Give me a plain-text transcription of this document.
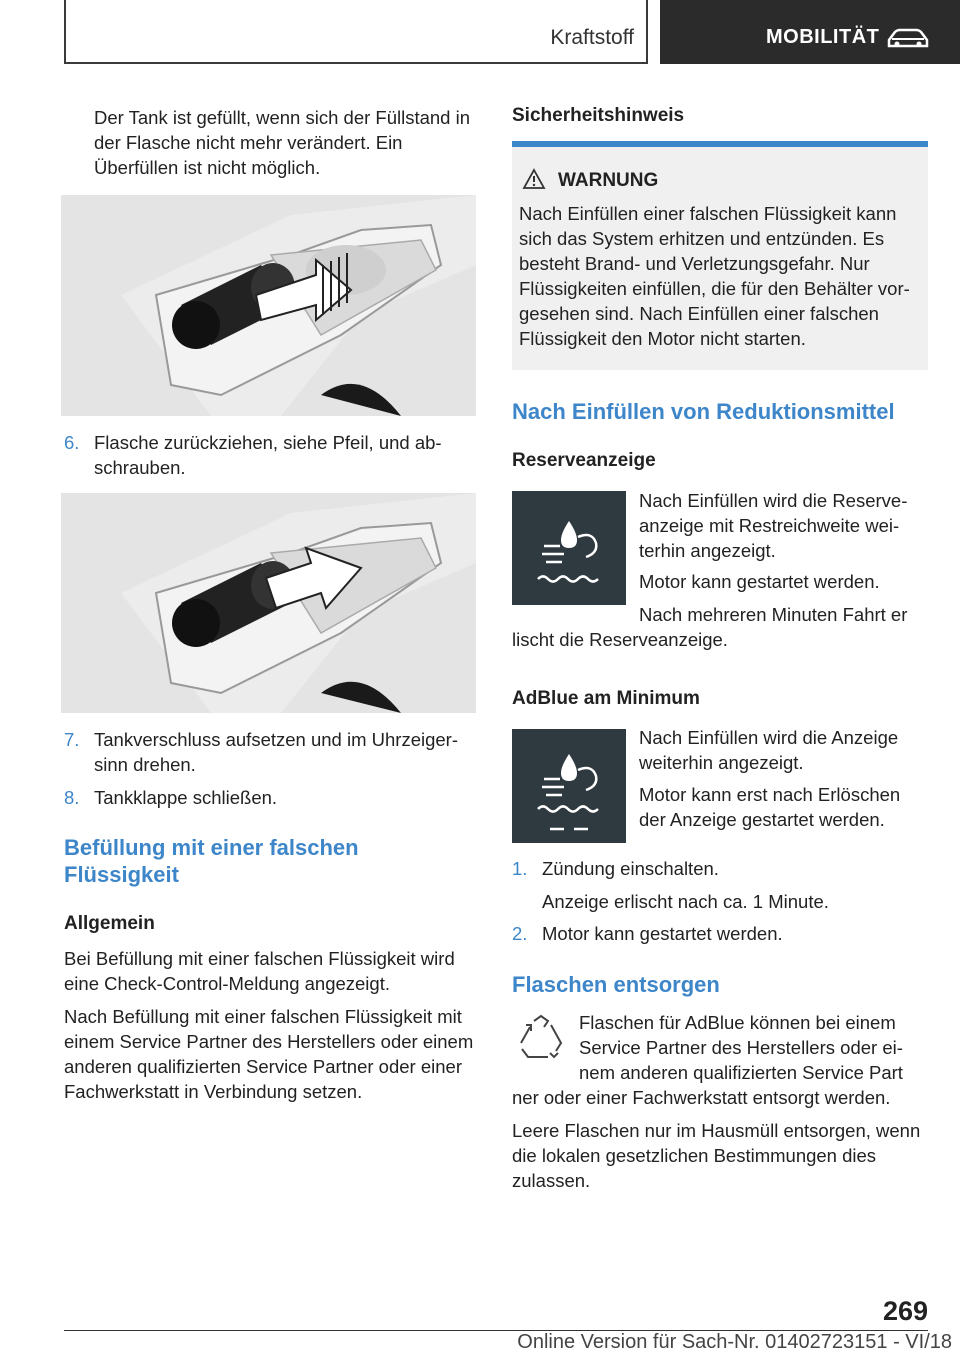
Kraftstoff	MOBILITÄT

Der Tank ist gefüllt, wenn sich der Füllstand in der Flasche nicht mehr verändert. Ein Überfüllen ist nicht möglich.

6. Flasche zurückziehen, siehe Pfeil, und abschrauben.
7. Tankverschluss aufsetzen und im Uhrzeigersinn drehen.
8. Tankklappe schließen.

Befüllung mit einer falschen Flüssigkeit

Allgemein

Bei Befüllung mit einer falschen Flüssigkeit wird eine Check-Control-Meldung angezeigt.

Nach Befüllung mit einer falschen Flüssigkeit mit einem Service Partner des Herstellers oder einem anderen qualifizierten Service Partner oder einer Fachwerkstatt in Verbindung setzen.

Sicherheitshinweis

WARNUNG

Nach Einfüllen einer falschen Flüssigkeit kann sich das System erhitzen und entzünden. Es besteht Brand- und Verletzungsgefahr. Nur Flüssigkeiten einfüllen, die für den Behälter vorgesehen sind. Nach Einfüllen einer falschen Flüssigkeit den Motor nicht starten.

Nach Einfüllen von Reduktionsmittel

Reserveanzeige

Nach Einfüllen wird die Reserveanzeige mit Restreichweite weiterhin angezeigt.

Motor kann gestartet werden.

Nach mehreren Minuten Fahrt er

lischt die Reserveanzeige.

AdBlue am Minimum

Nach Einfüllen wird die Anzeige weiterhin angezeigt.

Motor kann erst nach Erlöschen der Anzeige gestartet werden.

1. Zündung einschalten.

Anzeige erlischt nach ca. 1 Minute.

2. Motor kann gestartet werden.

Flaschen entsorgen

Flaschen für AdBlue können bei einem Service Partner des Herstellers oder einem anderen qualifizierten Service Part

ner oder einer Fachwerkstatt entsorgt werden.

Leere Flaschen nur im Hausmüll entsorgen, wenn die lokalen gesetzlichen Bestimmungen dies zulassen.

269
Online Version für Sach-Nr. 01402723151 - VI/18
